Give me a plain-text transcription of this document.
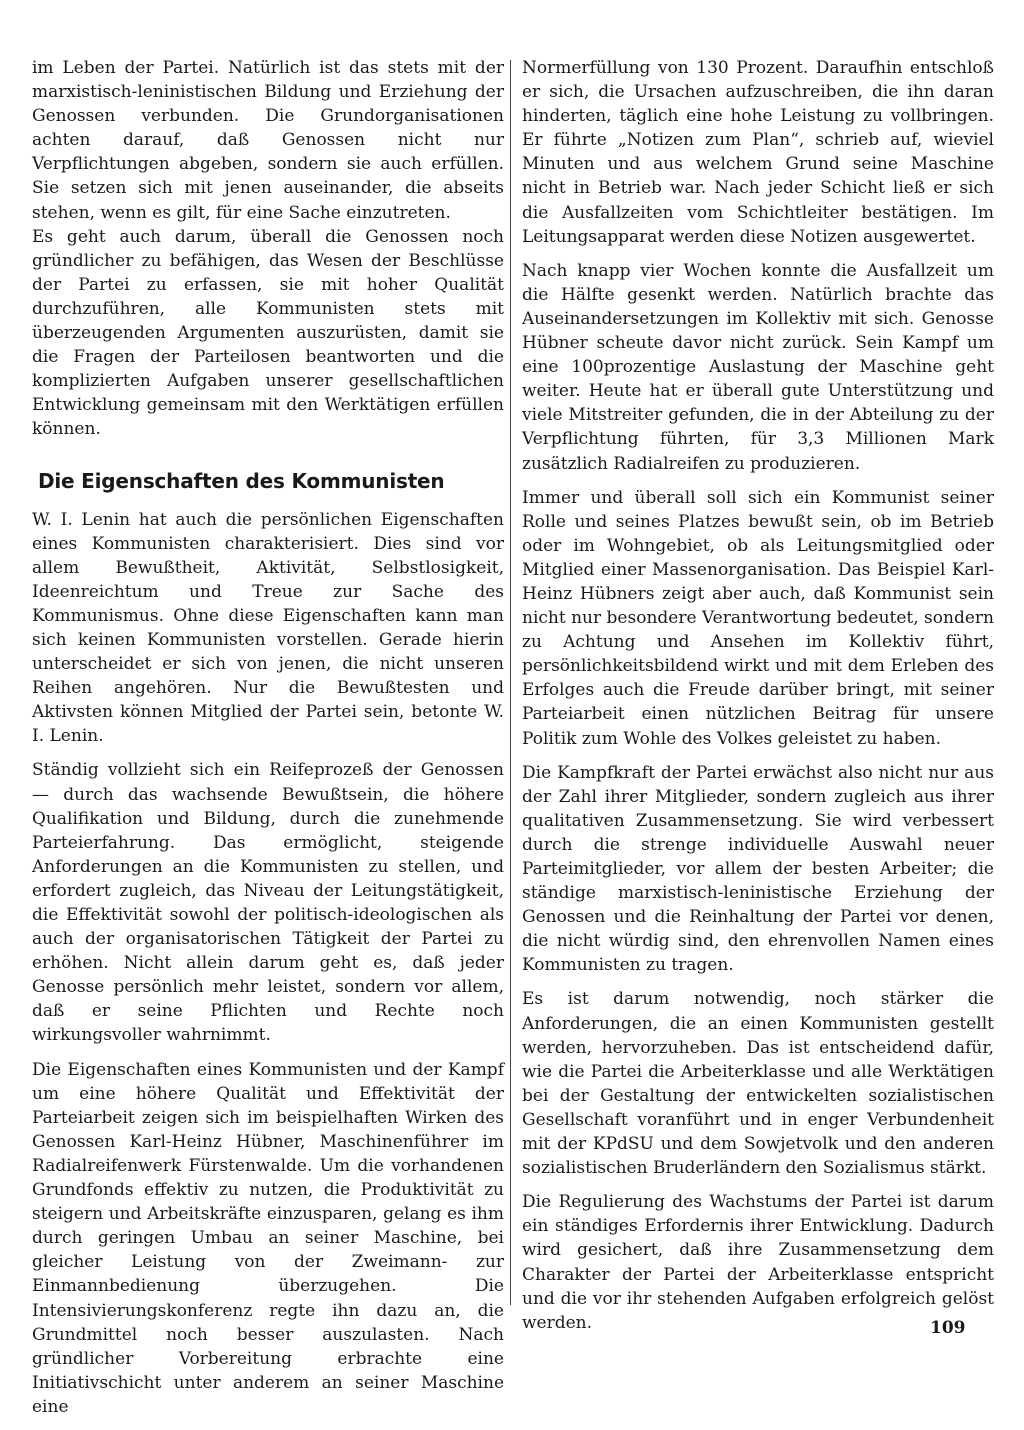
im Leben der Partei. Natürlich ist das stets mit der marxistisch-leninistischen Bildung und Erziehung der Genossen verbunden. Die Grundorganisationen achten darauf, daß Genossen nicht nur Verpflichtungen abgeben, sondern sie auch erfüllen. Sie setzen sich mit jenen auseinander, die abseits stehen, wenn es gilt, für eine Sache einzutreten.

Es geht auch darum, überall die Genossen noch gründlicher zu befähigen, das Wesen der Beschlüsse der Partei zu erfassen, sie mit hoher Qualität durchzuführen, alle Kommunisten stets mit überzeugenden Argumenten auszurüsten, damit sie die Fragen der Parteilosen beantworten und die komplizierten Aufgaben unserer gesellschaftlichen Entwicklung gemeinsam mit den Werktätigen erfüllen können.

Die Eigenschaften des Kommunisten

W. I. Lenin hat auch die persönlichen Eigenschaften eines Kommunisten charakterisiert. Dies sind vor allem Bewußtheit, Aktivität, Selbstlosigkeit, Ideenreichtum und Treue zur Sache des Kommunismus. Ohne diese Eigenschaften kann man sich keinen Kommunisten vorstellen. Gerade hierin unterscheidet er sich von jenen, die nicht unseren Reihen angehören. Nur die Bewußtesten und Aktivsten können Mitglied der Partei sein, betonte W. I. Lenin.

Ständig vollzieht sich ein Reifeprozeß der Genossen — durch das wachsende Bewußtsein, die höhere Qualifikation und Bildung, durch die zunehmende Parteierfahrung. Das ermöglicht, steigende Anforderungen an die Kommunisten zu stellen, und erfordert zugleich, das Niveau der Leitungstätigkeit, die Effektivität sowohl der politisch-ideologischen als auch der organisatorischen Tätigkeit der Partei zu erhöhen. Nicht allein darum geht es, daß jeder Genosse persönlich mehr leistet, sondern vor allem, daß er seine Pflichten und Rechte noch wirkungsvoller wahrnimmt.

Die Eigenschaften eines Kommunisten und der Kampf um eine höhere Qualität und Effektivität der Parteiarbeit zeigen sich im beispielhaften Wirken des Genossen Karl-Heinz Hübner, Maschinenführer im Radialreifenwerk Fürstenwalde. Um die vorhandenen Grundfonds effektiv zu nutzen, die Produktivität zu steigern und Arbeitskräfte einzusparen, gelang es ihm durch geringen Umbau an seiner Maschine, bei gleicher Leistung von der Zweimann- zur Einmannbedienung überzugehen. Die Intensivierungskonferenz regte ihn dazu an, die Grundmittel noch besser auszulasten. Nach gründlicher Vorbereitung erbrachte eine Initiativschicht unter anderem an seiner Maschine eine

Normerfüllung von 130 Prozent. Daraufhin entschloß er sich, die Ursachen aufzuschreiben, die ihn daran hinderten, täglich eine hohe Leistung zu vollbringen. Er führte „Notizen zum Plan“, schrieb auf, wieviel Minuten und aus welchem Grund seine Maschine nicht in Betrieb war. Nach jeder Schicht ließ er sich die Ausfallzeiten vom Schichtleiter bestätigen. Im Leitungsapparat werden diese Notizen ausgewertet.

Nach knapp vier Wochen konnte die Ausfallzeit um die Hälfte gesenkt werden. Natürlich brachte das Auseinandersetzungen im Kollektiv mit sich. Genosse Hübner scheute davor nicht zurück. Sein Kampf um eine 100prozentige Auslastung der Maschine geht weiter. Heute hat er überall gute Unterstützung und viele Mitstreiter gefunden, die in der Abteilung zu der Verpflichtung führten, für 3,3 Millionen Mark zusätzlich Radialreifen zu produzieren.

Immer und überall soll sich ein Kommunist seiner Rolle und seines Platzes bewußt sein, ob im Betrieb oder im Wohngebiet, ob als Leitungsmitglied oder Mitglied einer Massenorganisation. Das Beispiel Karl-Heinz Hübners zeigt aber auch, daß Kommunist sein nicht nur besondere Verantwortung bedeutet, sondern zu Achtung und Ansehen im Kollektiv führt, persönlichkeitsbildend wirkt und mit dem Erleben des Erfolges auch die Freude darüber bringt, mit seiner Parteiarbeit einen nützlichen Beitrag für unsere Politik zum Wohle des Volkes geleistet zu haben.

Die Kampfkraft der Partei erwächst also nicht nur aus der Zahl ihrer Mitglieder, sondern zugleich aus ihrer qualitativen Zusammensetzung. Sie wird verbessert durch die strenge individuelle Auswahl neuer Parteimitglieder, vor allem der besten Arbeiter; die ständige marxistisch-leninistische Erziehung der Genossen und die Reinhaltung der Partei vor denen, die nicht würdig sind, den ehrenvollen Namen eines Kommunisten zu tragen.

Es ist darum notwendig, noch stärker die Anforderungen, die an einen Kommunisten gestellt werden, hervorzuheben. Das ist entscheidend dafür, wie die Partei die Arbeiterklasse und alle Werktätigen bei der Gestaltung der entwickelten sozialistischen Gesellschaft voranführt und in enger Verbundenheit mit der KPdSU und dem Sowjetvolk und den anderen sozialistischen Bruderländern den Sozialismus stärkt.

Die Regulierung des Wachstums der Partei ist darum ein ständiges Erfordernis ihrer Entwicklung. Dadurch wird gesichert, daß ihre Zusammensetzung dem Charakter der Partei der Arbeiterklasse entspricht und die vor ihr stehenden Aufgaben erfolgreich gelöst werden.	109
